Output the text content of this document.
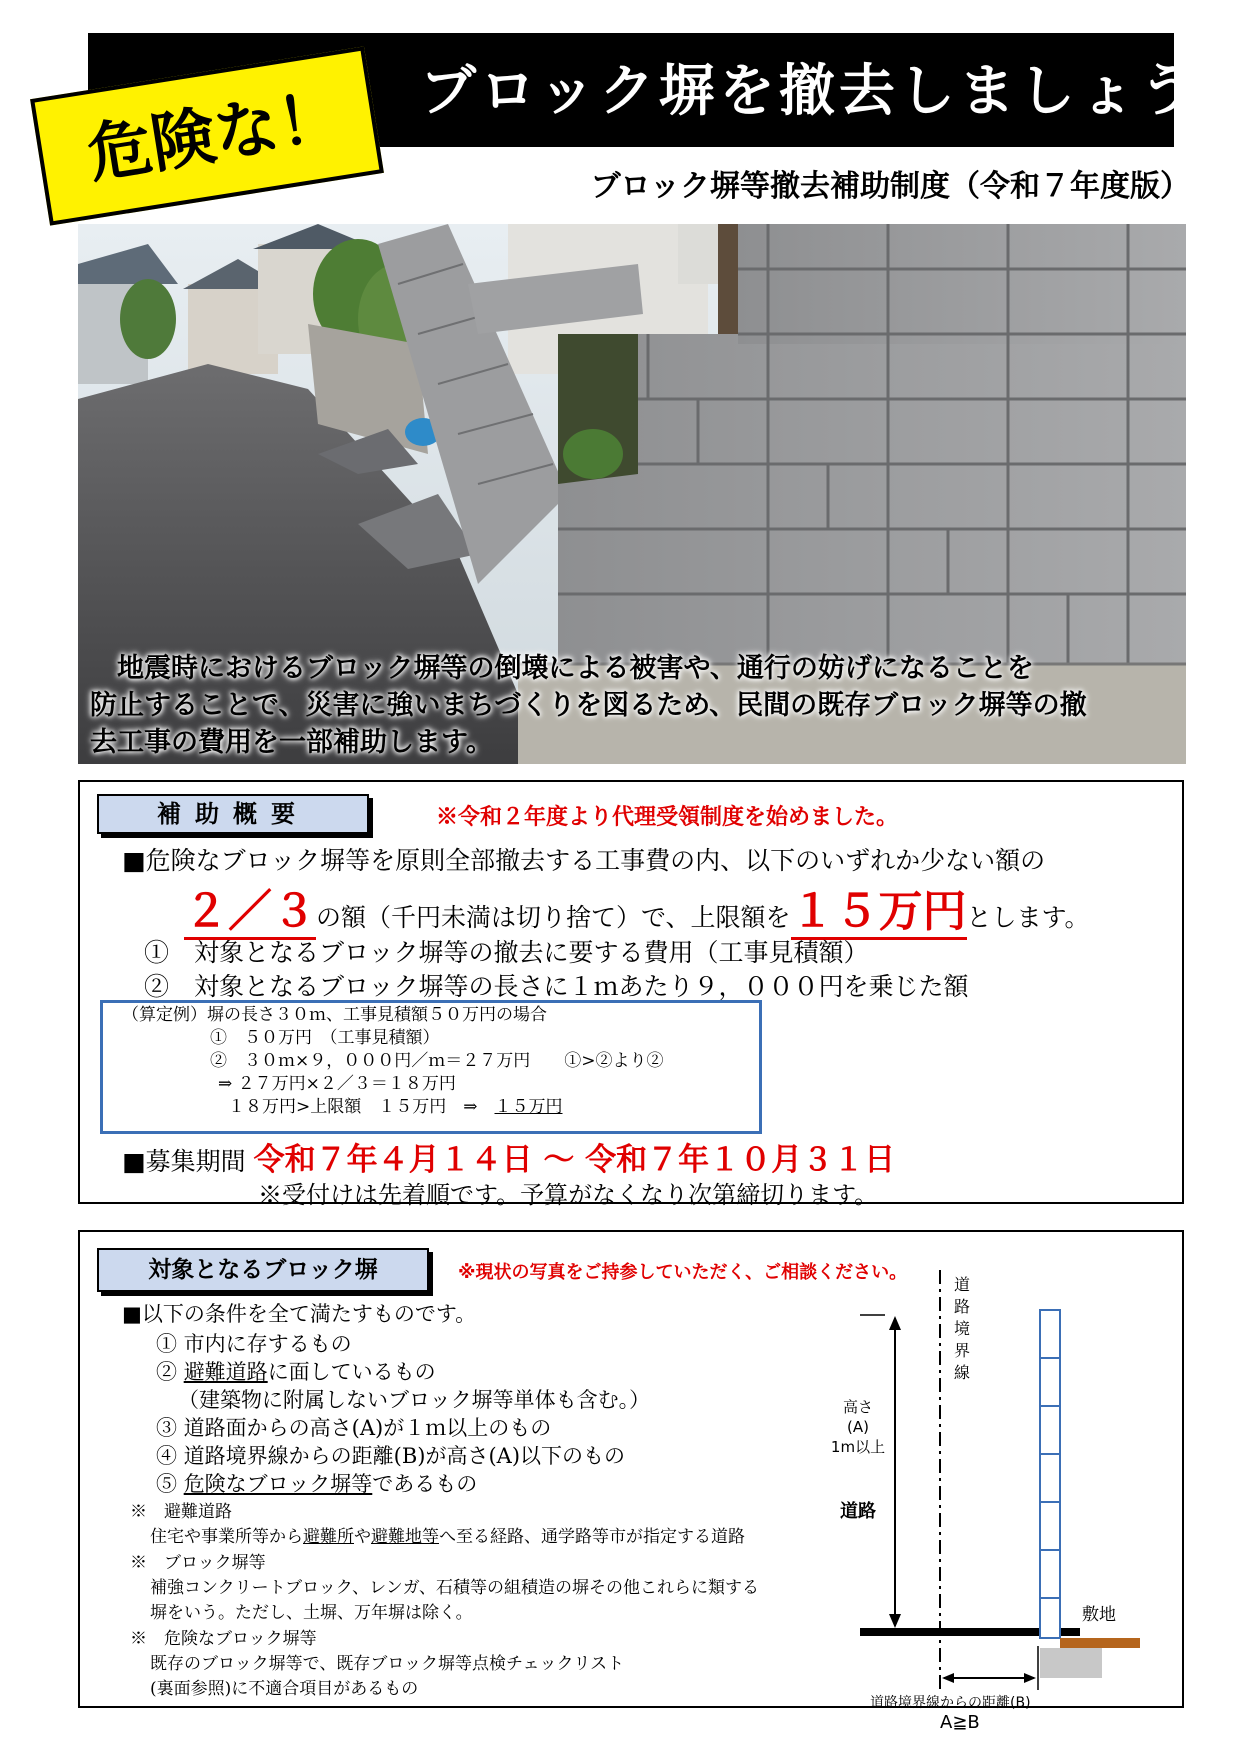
ブロック塀を撤去しましょう
危険な！	ブロック塀等撤去補助制度（令和７年度版）

　地震時におけるブロック塀等の倒壊による被害や、通行の妨げになることを

防止することで、災害に強いまちづくりを図るため、民間の既存ブロック塀等の撤

去工事の費用を一部補助します。

補助概要	※令和２年度より代理受領制度を始めました。
■危険なブロック塀等を原則全部撤去する工事費の内、以下のいずれか少ない額の
２／３の額（千円未満は切り捨て）で、上限額を１５万円とします。
①　対象となるブロック塀等の撤去に要する費用（工事見積額）
②　対象となるブロック塀等の長さに１ｍあたり９，０００円を乗じた額
（算定例）塀の長さ３０ｍ、工事見積額５０万円の場合
①　５０万円　（工事見積額）
②　３０ｍ×９，０００円／ｍ＝２７万円　　①>②より②
⇒ ２７万円×２／３＝１８万円
１８万円>上限額　１５万円　⇒　１５万円
■募集期間 令和７年４月１４日 ～ 令和７年１０月３１日
※受付けは先着順です。予算がなくなり次第締切ります。
対象となるブロック塀	※現状の写真をご持参していただく、ご相談ください。
■以下の条件を全て満たすものです。
① 市内に存するもの
② 避難道路に面しているもの
（建築物に附属しないブロック塀等単体も含む。）
③ 道路面からの高さ(A)が１ｍ以上のもの
④ 道路境界線からの距離(B)が高さ(A)以下のもの
⑤ 危険なブロック塀等であるもの
※　避難道路
住宅や事業所等から避難所や避難地等へ至る経路、通学路等市が指定する道路
※　ブロック塀等
補強コンクリートブロック、レンガ、石積等の組積造の塀その他これらに類する
塀をいう。ただし、土塀、万年塀は除く。
※　危険なブロック塀等
既存のブロック塀等で、既存ブロック塀等点検チェックリスト
(裏面参照)に不適合項目があるもの
道
路
境
界
線
高さ
(A)
1m以上
道路
敷地
道路境界線からの距離(B)
A≧B
